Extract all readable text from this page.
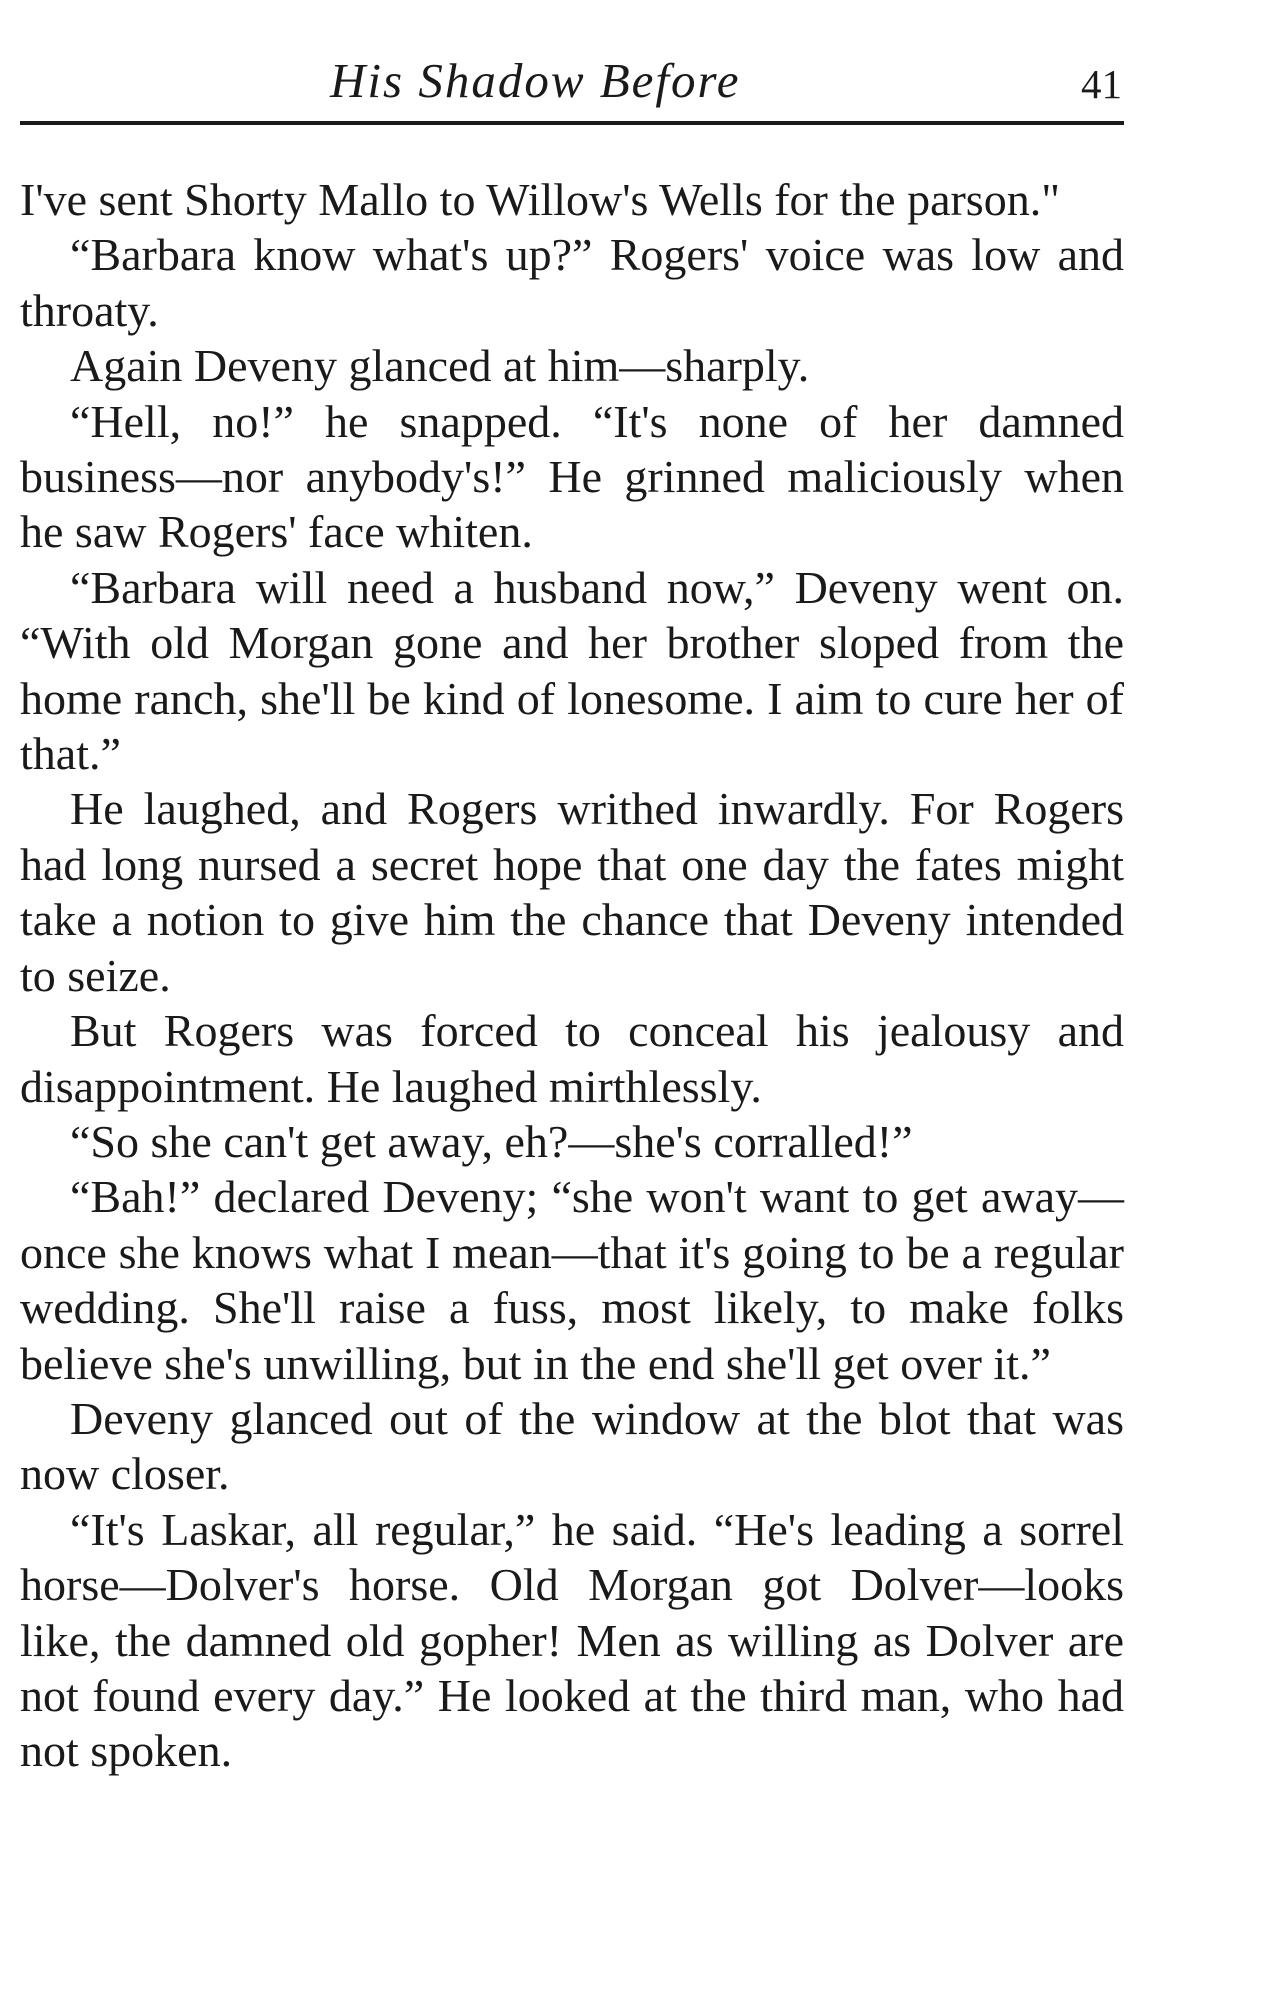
His Shadow Before	41

I've sent Shorty Mallo to Willow's Wells for the parson."

“Barbara know what's up?” Rogers' voice was low and throaty.

Again Deveny glanced at him—sharply.

“Hell, no!” he snapped. “It's none of her damned business—nor anybody's!” He grinned maliciously when he saw Rogers' face whiten.

“Barbara will need a husband now,” Deveny went on. “With old Morgan gone and her brother sloped from the home ranch, she'll be kind of lonesome. I aim to cure her of that.”

He laughed, and Rogers writhed inwardly. For Rogers had long nursed a secret hope that one day the fates might take a notion to give him the chance that Deveny intended to seize.

But Rogers was forced to conceal his jealousy and disappointment. He laughed mirthlessly.

“So she can't get away, eh?—she's corralled!”

“Bah!” declared Deveny; “she won't want to get away—once she knows what I mean—that it's going to be a regular wedding. She'll raise a fuss, most likely, to make folks believe she's unwilling, but in the end she'll get over it.”

Deveny glanced out of the window at the blot that was now closer.

“It's Laskar, all regular,” he said. “He's leading a sorrel horse—Dolver's horse. Old Morgan got Dolver—looks like, the damned old gopher! Men as willing as Dolver are not found every day.” He looked at the third man, who had not spoken.
